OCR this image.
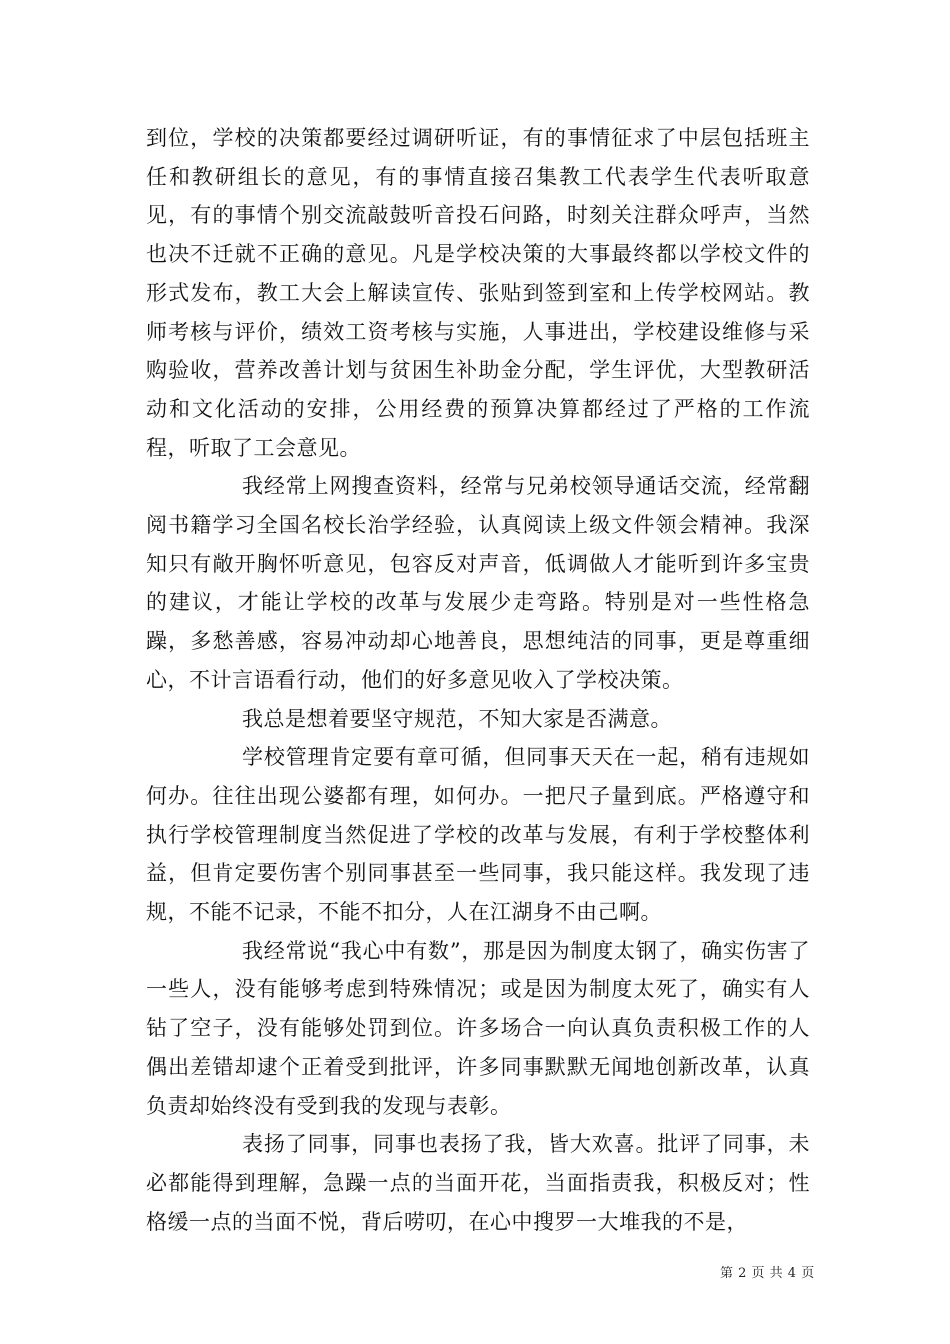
到位，学校的决策都要经过调研听证，有的事情征求了中层包括班主任和教研组长的意见，有的事情直接召集教工代表学生代表听取意见，有的事情个别交流敲鼓听音投石问路，时刻关注群众呼声，当然也决不迁就不正确的意见。凡是学校决策的大事最终都以学校文件的形式发布，教工大会上解读宣传、张贴到签到室和上传学校网站。教师考核与评价，绩效工资考核与实施，人事进出，学校建设维修与采购验收，营养改善计划与贫困生补助金分配，学生评优，大型教研活动和文化活动的安排，公用经费的预算决算都经过了严格的工作流程，听取了工会意见。

我经常上网搜查资料，经常与兄弟校领导通话交流，经常翻阅书籍学习全国名校长治学经验，认真阅读上级文件领会精神。我深知只有敞开胸怀听意见，包容反对声音，低调做人才能听到许多宝贵的建议，才能让学校的改革与发展少走弯路。特别是对一些性格急躁，多愁善感，容易冲动却心地善良，思想纯洁的同事，更是尊重细心，不计言语看行动，他们的好多意见收入了学校决策。

我总是想着要坚守规范，不知大家是否满意。

学校管理肯定要有章可循，但同事天天在一起，稍有违规如何办。往往出现公婆都有理，如何办。一把尺子量到底。严格遵守和执行学校管理制度当然促进了学校的改革与发展，有利于学校整体利益，但肯定要伤害个别同事甚至一些同事，我只能这样。我发现了违规，不能不记录，不能不扣分，人在江湖身不由己啊。

我经常说“我心中有数”，那是因为制度太钢了，确实伤害了一些人，没有能够考虑到特殊情况；或是因为制度太死了，确实有人钻了空子，没有能够处罚到位。许多场合一向认真负责积极工作的人偶出差错却逮个正着受到批评，许多同事默默无闻地创新改革，认真负责却始终没有受到我的发现与表彰。

表扬了同事，同事也表扬了我，皆大欢喜。批评了同事，未必都能得到理解，急躁一点的当面开花，当面指责我，积极反对；性格缓一点的当面不悦，背后唠叨，在心中搜罗一大堆我的不是，

第 2 页 共 4 页
